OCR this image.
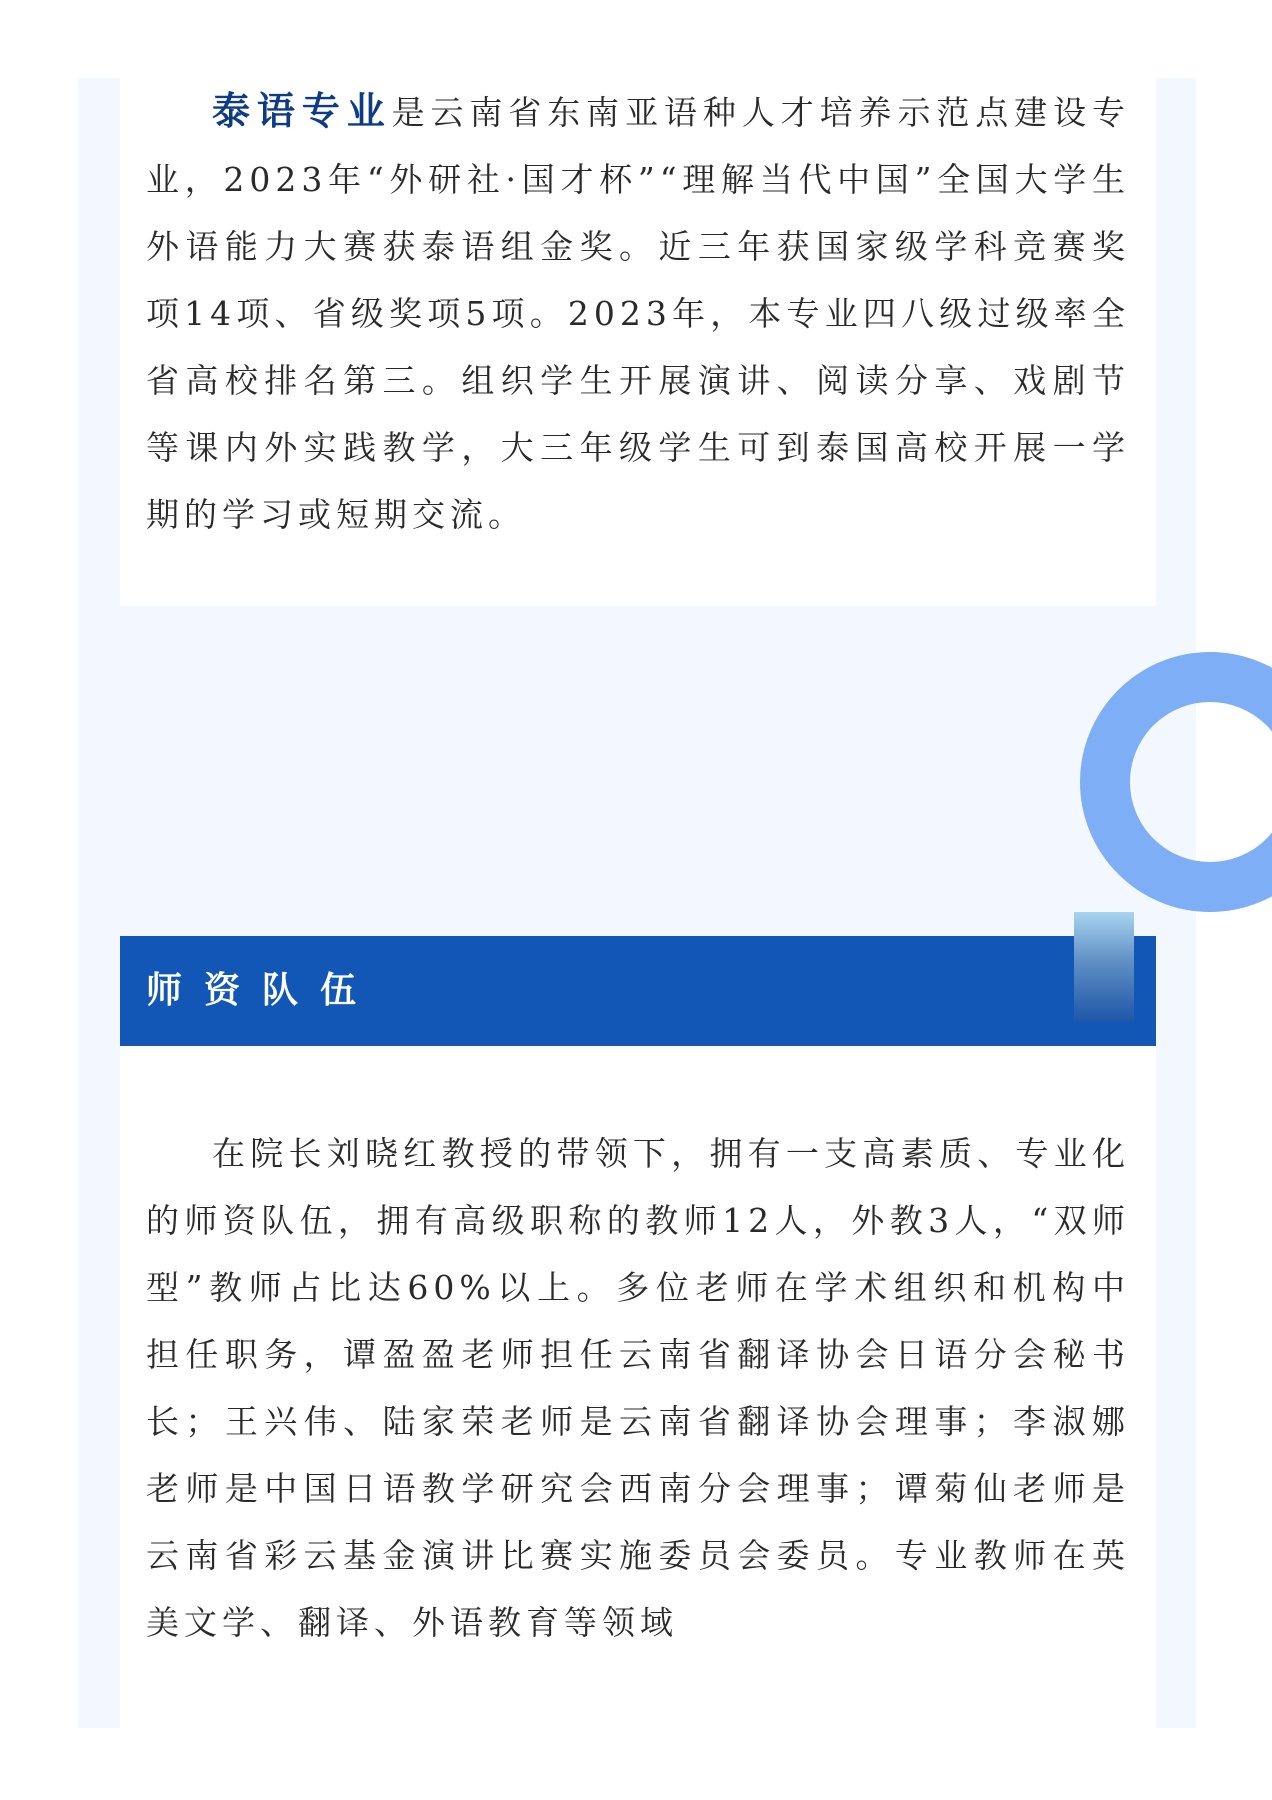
泰语专业是云南省东南亚语种人才培养示范点建设专业，2023年“外研社·国才杯”“理解当代中国”全国大学生外语能力大赛获泰语组金奖。近三年获国家级学科竞赛奖项14项、省级奖项5项。2023年，本专业四八级过级率全省高校排名第三。组织学生开展演讲、阅读分享、戏剧节等课内外实践教学，大三年级学生可到泰国高校开展一学期的学习或短期交流。

师资队伍

在院长刘晓红教授的带领下，拥有一支高素质、专业化的师资队伍，拥有高级职称的教师12人，外教3人，“双师型”教师占比达60%以上。多位老师在学术组织和机构中担任职务，谭盈盈老师担任云南省翻译协会日语分会秘书长；王兴伟、陆家荣老师是云南省翻译协会理事；李淑娜老师是中国日语教学研究会西南分会理事；谭菊仙老师是云南省彩云基金演讲比赛实施委员会委员。专业教师在英美文学、翻译、外语教育等领域
